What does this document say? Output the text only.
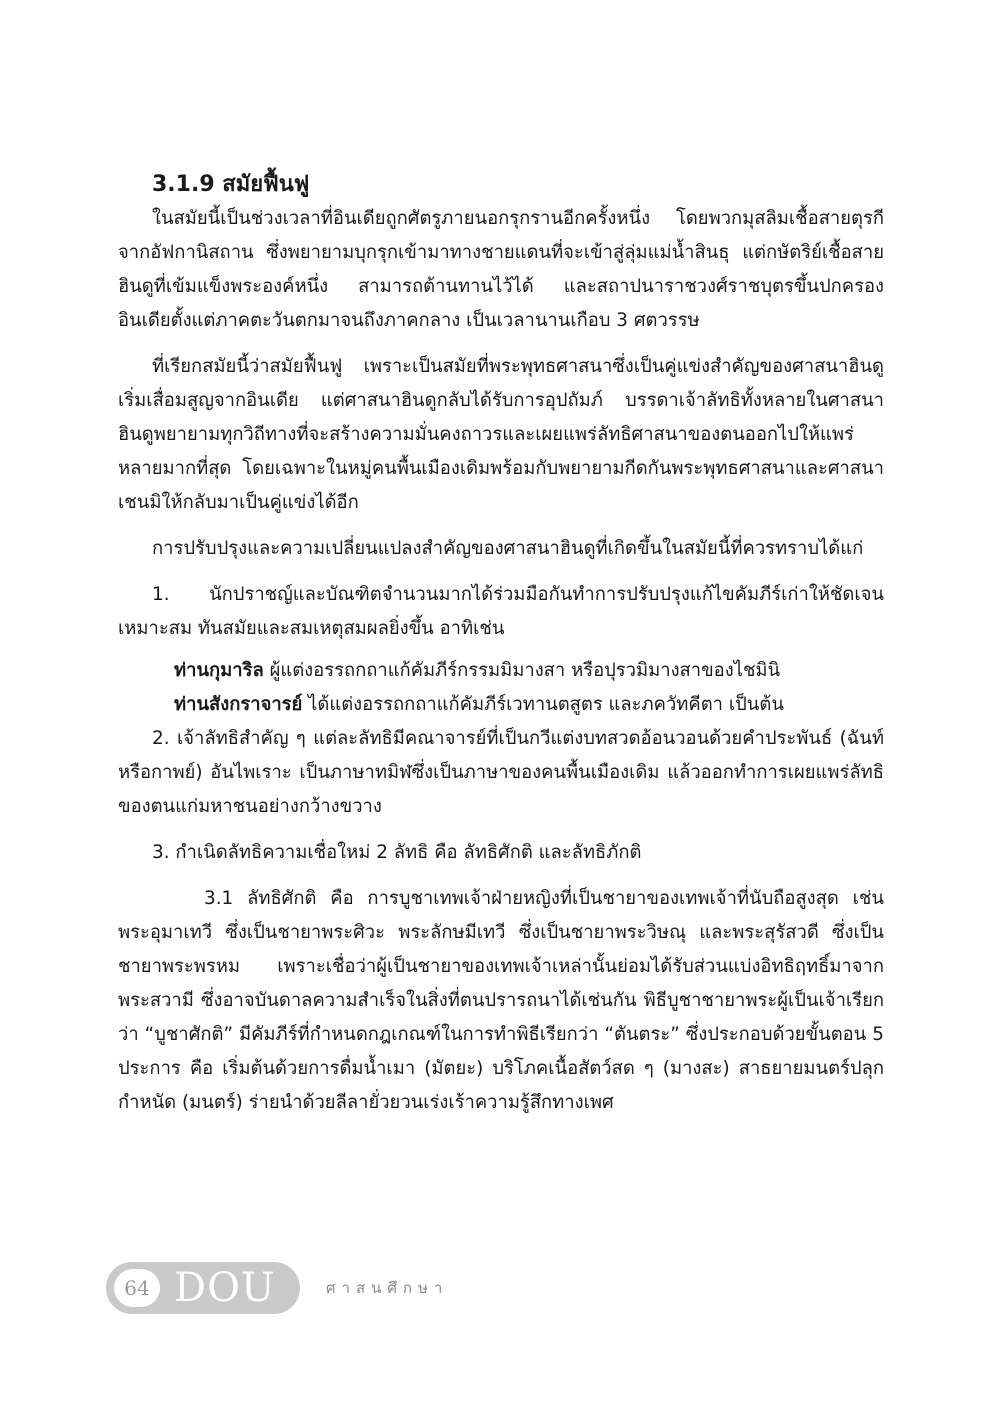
3.1.9 สมัยฟื้นฟู

ในสมัยนี้เป็นช่วงเวลาที่อินเดียถูกศัตรูภายนอกรุกรานอีกครั้งหนึ่ง โดยพวกมุสลิมเชื้อสายตุรกีจากอัฟกานิสถาน ซึ่งพยายามบุกรุกเข้ามาทางชายแดนที่จะเข้าสู่ลุ่มแม่น้ำสินธุ แต่กษัตริย์เชื้อสายฮินดูที่เข้มแข็งพระองค์หนึ่ง สามารถต้านทานไว้ได้ และสถาปนาราชวงศ์ราชบุตรขึ้นปกครองอินเดียตั้งแต่ภาคตะวันตกมาจนถึงภาคกลาง เป็นเวลานานเกือบ 3 ศตวรรษ

ที่เรียกสมัยนี้ว่าสมัยฟื้นฟู เพราะเป็นสมัยที่พระพุทธศาสนาซึ่งเป็นคู่แข่งสำคัญของศาสนาฮินดูเริ่มเสื่อมสูญจากอินเดีย แต่ศาสนาฮินดูกลับได้รับการอุปถัมภ์ บรรดาเจ้าลัทธิทั้งหลายในศาสนาฮินดูพยายามทุกวิถีทางที่จะสร้างความมั่นคงถาวรและเผยแพร่ลัทธิศาสนาของตนออกไปให้แพร่หลายมากที่สุด โดยเฉพาะในหมู่คนพื้นเมืองเดิมพร้อมกับพยายามกีดกันพระพุทธศาสนาและศาสนาเชนมิให้กลับมาเป็นคู่แข่งได้อีก

การปรับปรุงและความเปลี่ยนแปลงสำคัญของศาสนาฮินดูที่เกิดขึ้นในสมัยนี้ที่ควรทราบได้แก่

1. นักปราชญ์และบัณฑิตจำนวนมากได้ร่วมมือกันทำการปรับปรุงแก้ไขคัมภีร์เก่าให้ชัดเจนเหมาะสม ทันสมัยและสมเหตุสมผลยิ่งขึ้น อาทิเช่น

ท่านกุมาริล ผู้แต่งอรรถกถาแก้คัมภีร์กรรมมิมางสา หรือปุรวมิมางสาของไชมินิ

ท่านสังกราจารย์ ได้แต่งอรรถกถาแก้คัมภีร์เวทานตสูตร และภควัทคีตา เป็นต้น

2. เจ้าลัทธิสำคัญ ๆ แต่ละลัทธิมีคณาจารย์ที่เป็นกวีแต่งบทสวดอ้อนวอนด้วยคำประพันธ์ (ฉันท์หรือกาพย์) อันไพเราะ เป็นภาษาทมิฬซึ่งเป็นภาษาของคนพื้นเมืองเดิม แล้วออกทำการเผยแพร่ลัทธิของตนแก่มหาชนอย่างกว้างขวาง

3. กำเนิดลัทธิความเชื่อใหม่ 2 ลัทธิ คือ ลัทธิศักติ และลัทธิภักติ

3.1 ลัทธิศักติ คือ การบูชาเทพเจ้าฝ่ายหญิงที่เป็นชายาของเทพเจ้าที่นับถือสูงสุด เช่น พระอุมาเทวี ซึ่งเป็นชายาพระศิวะ พระลักษมีเทวี ซึ่งเป็นชายาพระวิษณุ และพระสุรัสวดี ซึ่งเป็นชายาพระพรหม เพราะเชื่อว่าผู้เป็นชายาของเทพเจ้าเหล่านั้นย่อมได้รับส่วนแบ่งอิทธิฤทธิ์มาจากพระสวามี ซึ่งอาจบันดาลความสำเร็จในสิ่งที่ตนปรารถนาได้เช่นกัน พิธีบูชาชายาพระผู้เป็นเจ้าเรียกว่า “บูชาศักติ” มีคัมภีร์ที่กำหนดกฎเกณฑ์ในการทำพิธีเรียกว่า “ตันตระ” ซึ่งประกอบด้วยขั้นตอน 5 ประการ คือ เริ่มต้นด้วยการดื่มน้ำเมา (มัตยะ) บริโภคเนื้อสัตว์สด ๆ (มางสะ) สาธยายมนตร์ปลุกกำหนัด (มนตร์) ร่ายนำด้วยลีลายั่วยวนเร่งเร้าความรู้สึกทางเพศ

64 DOU	ศาสนศึกษา
